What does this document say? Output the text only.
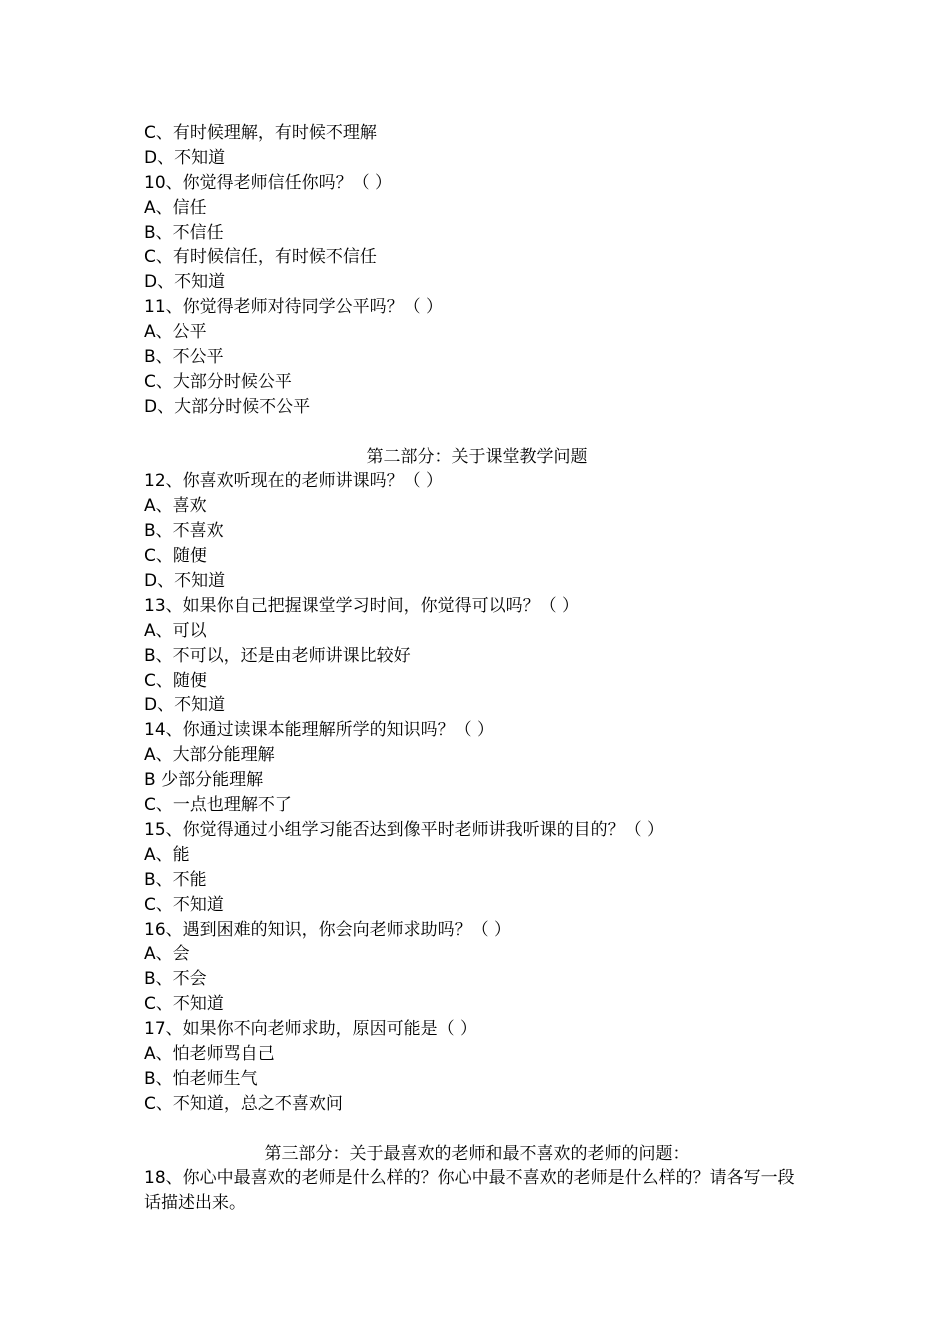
C、有时候理解，有时候不理解
D、不知道
10、你觉得老师信任你吗？（ ）
A、信任
B、不信任
C、有时候信任，有时候不信任
D、不知道
11、你觉得老师对待同学公平吗？（ ）
A、公平
B、不公平
C、大部分时候公平
D、大部分时候不公平
第二部分：关于课堂教学问题
12、你喜欢听现在的老师讲课吗？（ ）
A、喜欢
B、不喜欢
C、随便
D、不知道
13、如果你自己把握课堂学习时间，你觉得可以吗？（ ）
A、可以
B、不可以，还是由老师讲课比较好
C、随便
D、不知道
14、你通过读课本能理解所学的知识吗？（ ）
A、大部分能理解
B 少部分能理解
C、一点也理解不了
15、你觉得通过小组学习能否达到像平时老师讲我听课的目的？（ ）
A、能
B、不能
C、不知道
16、遇到困难的知识，你会向老师求助吗？（ ）
A、会
B、不会
C、不知道
17、如果你不向老师求助，原因可能是（ ）
A、怕老师骂自己
B、怕老师生气
C、不知道，总之不喜欢问
第三部分：关于最喜欢的老师和最不喜欢的老师的问题：
18、你心中最喜欢的老师是什么样的？你心中最不喜欢的老师是什么样的？请各写一段话描述出来。
